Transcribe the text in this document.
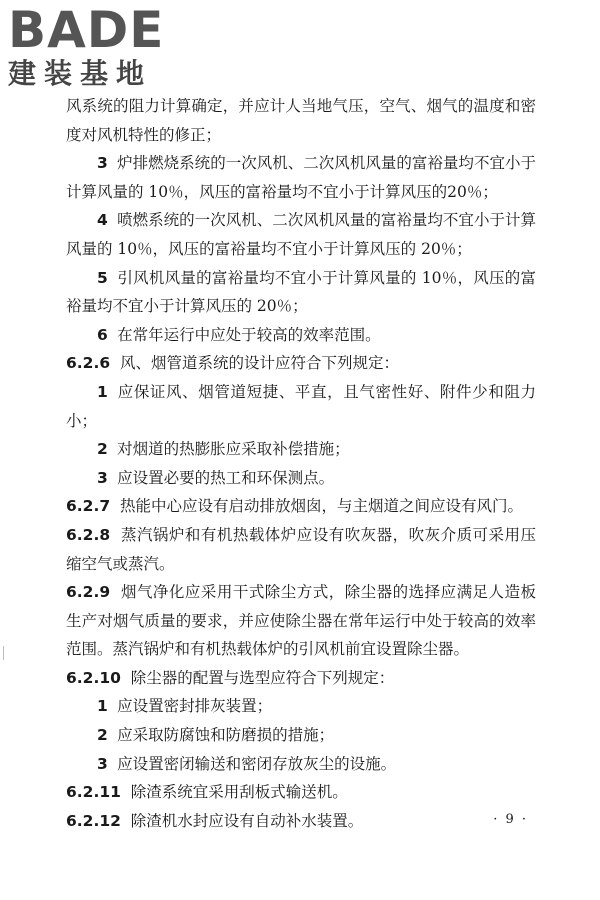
BADE
建装基地

风系统的阻力计算确定，并应计人当地气压，空气、烟气的温度和密度对风机特性的修正；

3 炉排燃烧系统的一次风机、二次风机风量的富裕量均不宜小于计算风量的 10％，风压的富裕量均不宜小于计算风压的20％；

4 喷燃系统的一次风机、二次风机风量的富裕量均不宜小于计算风量的 10％，风压的富裕量均不宜小于计算风压的 20％；

5 引风机风量的富裕量均不宜小于计算风量的 10％，风压的富裕量均不宜小于计算风压的 20％；

6 在常年运行中应处于较高的效率范围。

6.2.6 风、烟管道系统的设计应符合下列规定：

1 应保证风、烟管道短捷、平直，且气密性好、附件少和阻力小；

2 对烟道的热膨胀应采取补偿措施；

3 应设置必要的热工和环保测点。

6.2.7 热能中心应设有启动排放烟囱，与主烟道之间应设有风门。

6.2.8 蒸汽锅炉和有机热载体炉应设有吹灰器，吹灰介质可采用压缩空气或蒸汽。

6.2.9 烟气净化应采用干式除尘方式，除尘器的选择应满足人造板生产对烟气质量的要求，并应使除尘器在常年运行中处于较高的效率范围。蒸汽锅炉和有机热载体炉的引风机前宜设置除尘器。

6.2.10 除尘器的配置与选型应符合下列规定：

1 应设置密封排灰装置；

2 应采取防腐蚀和防磨损的措施；

3 应设置密闭输送和密闭存放灰尘的设施。

6.2.11 除渣系统宜采用刮板式输送机。

6.2.12 除渣机水封应设有自动补水装置。	· 9 ·
